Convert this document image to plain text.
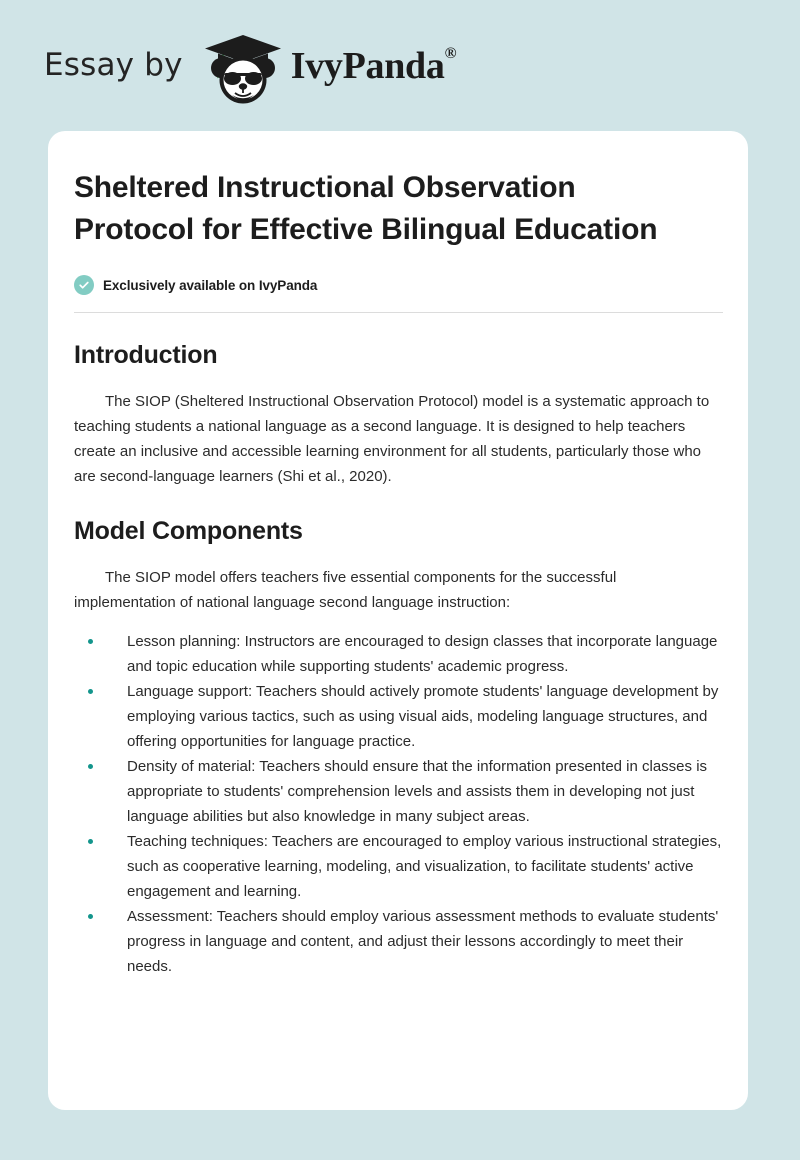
Essay by	IvyPanda®
Sheltered Instructional Observation Protocol for Effective Bilingual Education
Exclusively available on IvyPanda
Introduction

The SIOP (Sheltered Instructional Observation Protocol) model is a systematic approach to teaching students a national language as a second language. It is designed to help teachers create an inclusive and accessible learning environment for all students, particularly those who are second-language learners (Shi et al., 2020).

Model Components

The SIOP model offers teachers five essential components for the successful implementation of national language second language instruction:

Lesson planning: Instructors are encouraged to design classes that incorporate language and topic education while supporting students' academic progress.
Language support: Teachers should actively promote students' language development by employing various tactics, such as using visual aids, modeling language structures, and offering opportunities for language practice.
Density of material: Teachers should ensure that the information presented in classes is appropriate to students' comprehension levels and assists them in developing not just language abilities but also knowledge in many subject areas.
Teaching techniques: Teachers are encouraged to employ various instructional strategies, such as cooperative learning, modeling, and visualization, to facilitate students' active engagement and learning.
Assessment: Teachers should employ various assessment methods to evaluate students' progress in language and content, and adjust their lessons accordingly to meet their needs.
